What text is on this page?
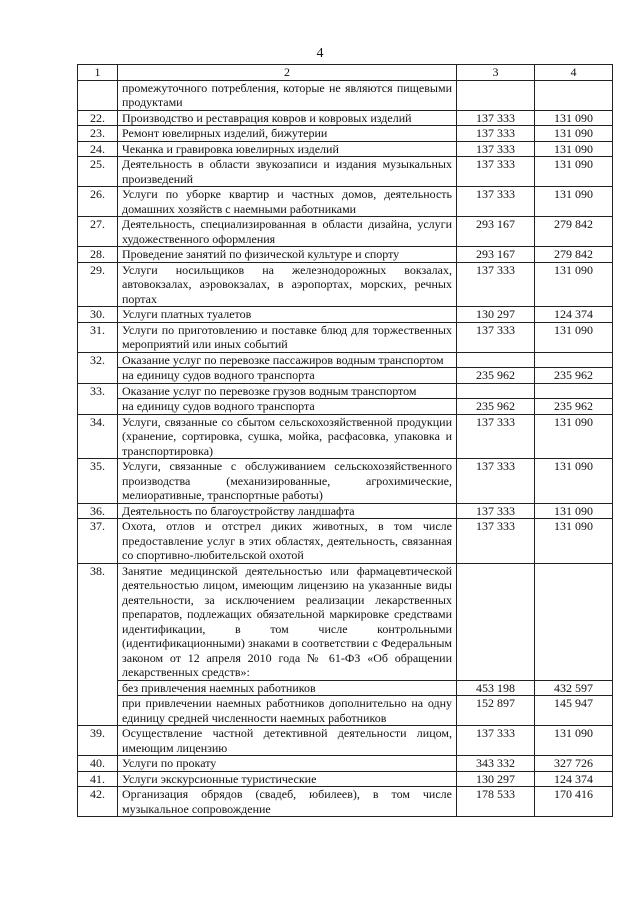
4
1	2	3	4
	промежуточного потребления, которые не являются пищевыми продуктами		
22.	Производство и реставрация ковров и ковровых изделий	137 333	131 090
23.	Ремонт ювелирных изделий, бижутерии	137 333	131 090
24.	Чеканка и гравировка ювелирных изделий	137 333	131 090
25.	Деятельность в области звукозаписи и издания музыкальных произведений	137 333	131 090
26.	Услуги по уборке квартир и частных домов, деятельность домашних хозяйств с наемными работниками	137 333	131 090
27.	Деятельность, специализированная в области дизайна, услуги художественного оформления	293 167	279 842
28.	Проведение занятий по физической культуре и спорту	293 167	279 842
29.	Услуги носильщиков на железнодорожных вокзалах, автовокзалах, аэровокзалах, в аэропортах, морских, речных портах	137 333	131 090
30.	Услуги платных туалетов	130 297	124 374
31.	Услуги по приготовлению и поставке блюд для торжественных мероприятий или иных событий	137 333	131 090
32.	Оказание услуг по перевозке пассажиров водным транспортом		
	на единицу судов водного транспорта	235 962	235 962
33.	Оказание услуг по перевозке грузов водным транспортом		
	на единицу судов водного транспорта	235 962	235 962
34.	Услуги, связанные со сбытом сельскохозяйственной продукции (хранение, сортировка, сушка, мойка, расфасовка, упаковка и транспортировка)	137 333	131 090
35.	Услуги, связанные с обслуживанием сельскохозяйственного производства (механизированные, агрохимические, мелиоративные, транспортные работы)	137 333	131 090
36.	Деятельность по благоустройству ландшафта	137 333	131 090
37.	Охота, отлов и отстрел диких животных, в том числе предоставление услуг в этих областях, деятельность, связанная со спортивно-любительской охотой	137 333	131 090
38.	Занятие медицинской деятельностью или фармацевтической деятельностью лицом, имеющим лицензию на указанные виды деятельности, за исключением реализации лекарственных препаратов, подлежащих обязательной маркировке средствами идентификации, в том числе контрольными (идентификационными) знаками в соответствии с Федеральным законом от 12 апреля 2010 года № 61-ФЗ «Об обращении лекарственных средств»:		
	без привлечения наемных работников	453 198	432 597
	при привлечении наемных работников дополнительно на одну единицу средней численности наемных работников	152 897	145 947
39.	Осуществление частной детективной деятельности лицом, имеющим лицензию	137 333	131 090
40.	Услуги по прокату	343 332	327 726
41.	Услуги экскурсионные туристические	130 297	124 374
42.	Организация обрядов (свадеб, юбилеев), в том числе музыкальное сопровождение	178 533	170 416
